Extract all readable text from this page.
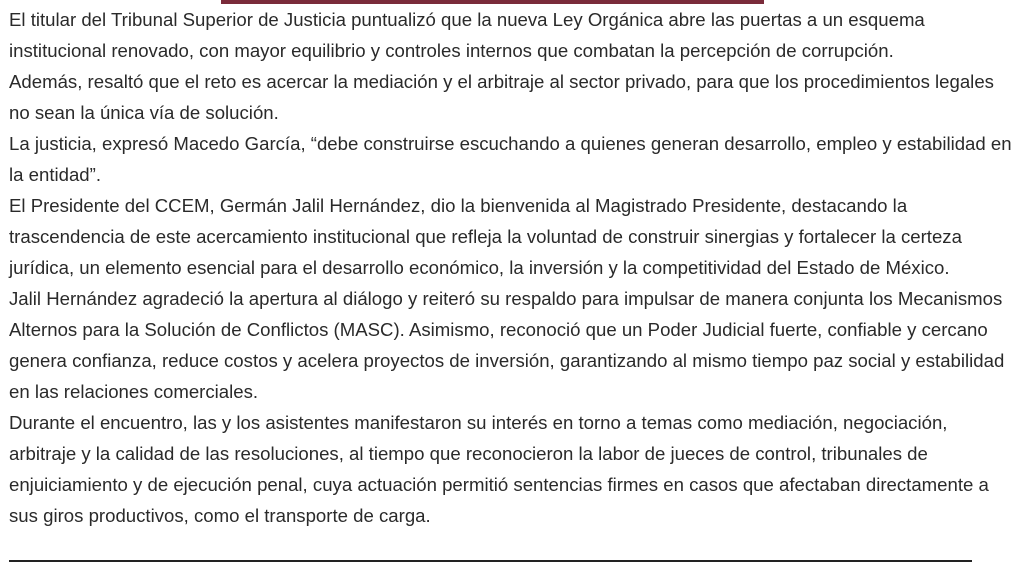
El titular del Tribunal Superior de Justicia puntualizó que la nueva Ley Orgánica abre las puertas a un esquema institucional renovado, con mayor equilibrio y controles internos que combatan la percepción de corrupción.

Además, resaltó que el reto es acercar la mediación y el arbitraje al sector privado, para que los procedimientos legales no sean la única vía de solución.

La justicia, expresó Macedo García, “debe construirse escuchando a quienes generan desarrollo, empleo y estabilidad en la entidad”.

El Presidente del CCEM, Germán Jalil Hernández, dio la bienvenida al Magistrado Presidente, destacando la trascendencia de este acercamiento institucional que refleja la voluntad de construir sinergias y fortalecer la certeza jurídica, un elemento esencial para el desarrollo económico, la inversión y la competitividad del Estado de México.

Jalil Hernández agradeció la apertura al diálogo y reiteró su respaldo para impulsar de manera conjunta los Mecanismos Alternos para la Solución de Conflictos (MASC). Asimismo, reconoció que un Poder Judicial fuerte, confiable y cercano genera confianza, reduce costos y acelera proyectos de inversión, garantizando al mismo tiempo paz social y estabilidad en las relaciones comerciales.

Durante el encuentro, las y los asistentes manifestaron su interés en torno a temas como mediación, negociación, arbitraje y la calidad de las resoluciones, al tiempo que reconocieron la labor de jueces de control, tribunales de enjuiciamiento y de ejecución penal, cuya actuación permitió sentencias firmes en casos que afectaban directamente a sus giros productivos, como el transporte de carga.
